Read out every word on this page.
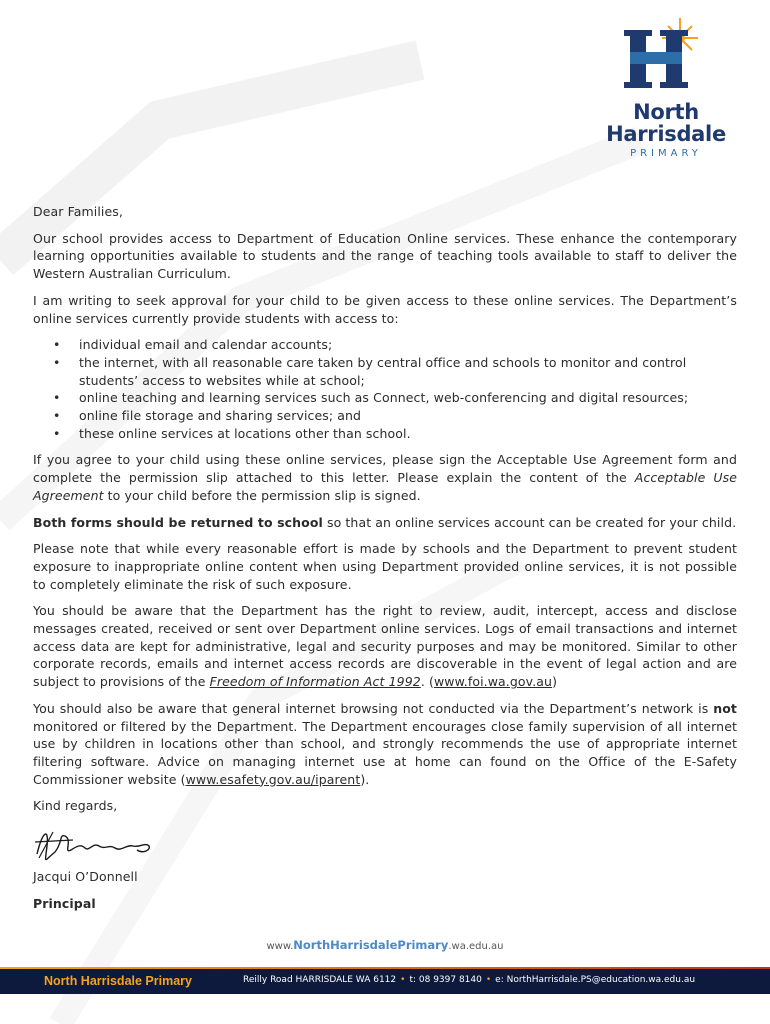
North
Harrisdale
PRIMARY

Dear Families,

Our school provides access to Department of Education Online services. These enhance the contemporary learning opportunities available to students and the range of teaching tools available to staff to deliver the Western Australian Curriculum.

I am writing to seek approval for your child to be given access to these online services. The Department’s online services currently provide students with access to:

• individual email and calendar accounts;
• the internet, with all reasonable care taken by central office and schools to monitor and control students’ access to websites while at school;
• online teaching and learning services such as Connect, web-conferencing and digital resources;
• online file storage and sharing services; and
• these online services at locations other than school.

If you agree to your child using these online services, please sign the Acceptable Use Agreement form and complete the permission slip attached to this letter. Please explain the content of the Acceptable Use Agreement to your child before the permission slip is signed.

Both forms should be returned to school so that an online services account can be created for your child.

Please note that while every reasonable effort is made by schools and the Department to prevent student exposure to inappropriate online content when using Department provided online services, it is not possible to completely eliminate the risk of such exposure.

You should be aware that the Department has the right to review, audit, intercept, access and disclose messages created, received or sent over Department online services. Logs of email transactions and internet access data are kept for administrative, legal and security purposes and may be monitored. Similar to other corporate records, emails and internet access records are discoverable in the event of legal action and are subject to provisions of the Freedom of Information Act 1992. (www.foi.wa.gov.au)

You should also be aware that general internet browsing not conducted via the Department’s network is not monitored or filtered by the Department. The Department encourages close family supervision of all internet use by children in locations other than school, and strongly recommends the use of appropriate internet filtering software. Advice on managing internet use at home can found on the Office of the E-Safety Commissioner website (www.esafety.gov.au/iparent).

Kind regards,

Jacqui O’Donnell

Principal

www.NorthHarrisdalePrimary.wa.edu.au
North Harrisdale Primary	Reilly Road HARRISDALE WA 6112 • t: 08 9397 8140 • e: NorthHarrisdale.PS@education.wa.edu.au
